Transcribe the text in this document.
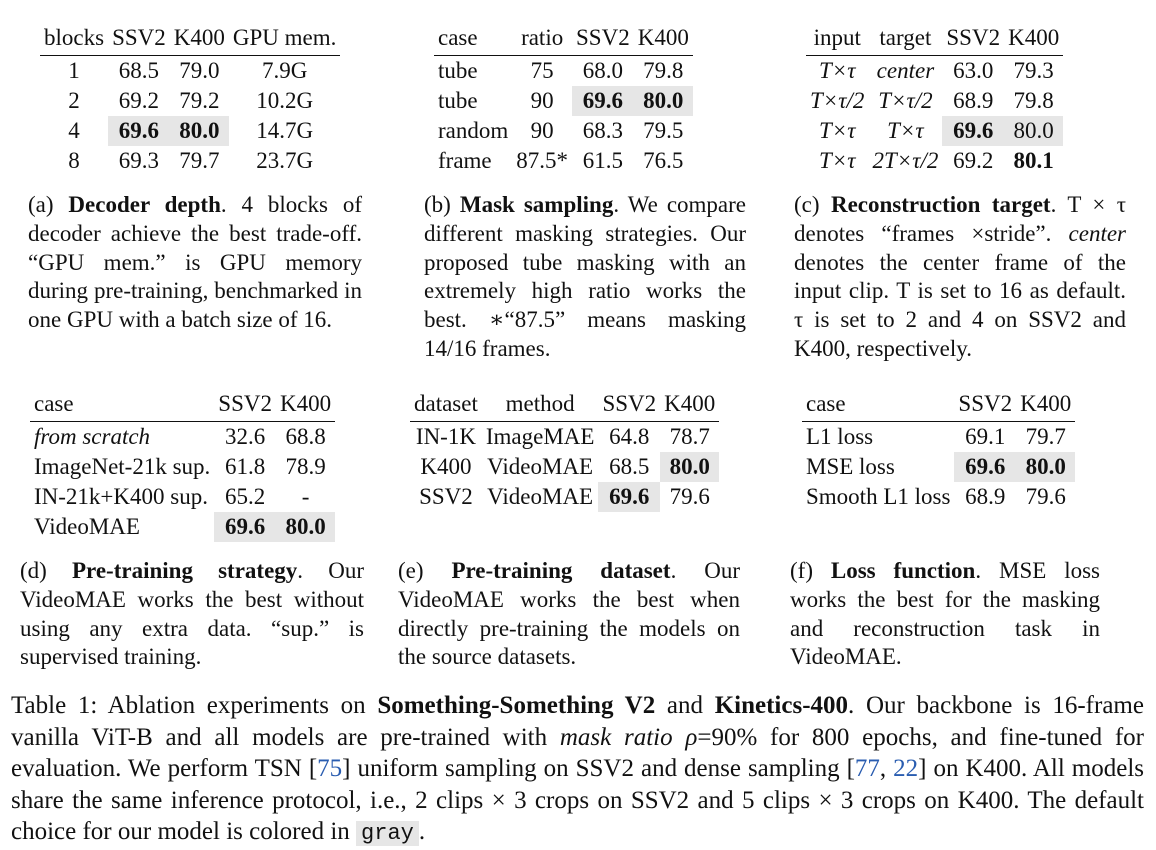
blocks	SSV2	K400	GPU mem.
1	68.5	79.0	7.9G
2	69.2	79.2	10.2G
4	69.6	80.0	14.7G
8	69.3	79.7	23.7G
(a) Decoder depth. 4 blocks of decoder achieve the best trade-off. “GPU mem.” is GPU memory during pre-training, benchmarked in one GPU with a batch size of 16.
case	ratio	SSV2	K400
tube	75	68.0	79.8
tube	90	69.6	80.0
random	90	68.3	79.5
frame	87.5*	61.5	76.5
(b) Mask sampling. We compare different masking strategies. Our proposed tube masking with an extremely high ratio works the best. ∗“87.5” means masking 14/16 frames.
input	target	SSV2	K400
T×τ	center	63.0	79.3
T×τ/2	T×τ/2	68.9	79.8
T×τ	T×τ	69.6	80.0
T×τ	2T×τ/2	69.2	80.1
(c) Reconstruction target. T × τ denotes “frames ×stride”. center denotes the center frame of the input clip. T is set to 16 as default. τ is set to 2 and 4 on SSV2 and K400, respectively.
case	SSV2	K400
from scratch	32.6	68.8
ImageNet-21k sup.	61.8	78.9
IN-21k+K400 sup.	65.2	-
VideoMAE	69.6	80.0
(d) Pre-training strategy. Our VideoMAE works the best without using any extra data. “sup.” is supervised training.
dataset	method	SSV2	K400
IN-1K	ImageMAE	64.8	78.7
K400	VideoMAE	68.5	80.0
SSV2	VideoMAE	69.6	79.6
(e) Pre-training dataset. Our VideoMAE works the best when directly pre-training the models on the source datasets.
case	SSV2	K400
L1 loss	69.1	79.7
MSE loss	69.6	80.0
Smooth L1 loss	68.9	79.6
(f) Loss function. MSE loss works the best for the masking and reconstruction task in VideoMAE.
Table 1: Ablation experiments on Something-Something V2 and Kinetics-400. Our backbone is 16-frame vanilla ViT-B and all models are pre-trained with mask ratio ρ=90% for 800 epochs, and fine-tuned for evaluation. We perform TSN [75] uniform sampling on SSV2 and dense sampling [77, 22] on K400. All models share the same inference protocol, i.e., 2 clips × 3 crops on SSV2 and 5 clips × 3 crops on K400. The default choice for our model is colored in gray .
